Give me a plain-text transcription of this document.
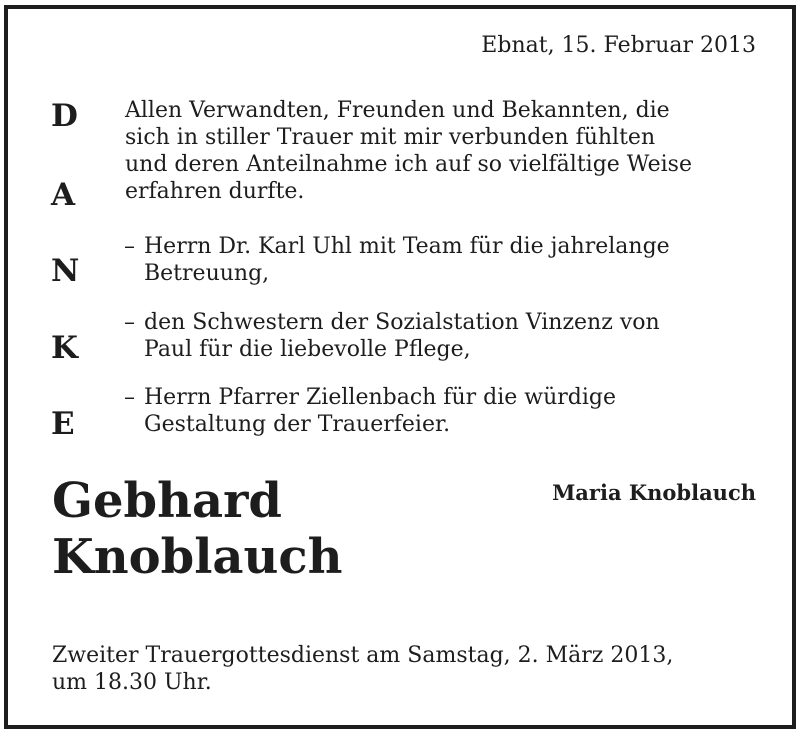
Ebnat, 15. Februar 2013
D
A
N
K
E
Allen Verwandten, Freunden und Bekannten, die
sich in stiller Trauer mit mir verbunden fühlten
und deren Anteilnahme ich auf so vielfältige Weise
erfahren durfte.
– Herrn Dr. Karl Uhl mit Team für die jahrelange
Betreuung,
– den Schwestern der Sozialstation Vinzenz von
Paul für die liebevolle Pflege,
– Herrn Pfarrer Ziellenbach für die würdige
Gestaltung der Trauerfeier.
Gebhard
Knoblauch
Maria Knoblauch
Zweiter Trauergottesdienst am Samstag, 2. März 2013,
um 18.30 Uhr.
